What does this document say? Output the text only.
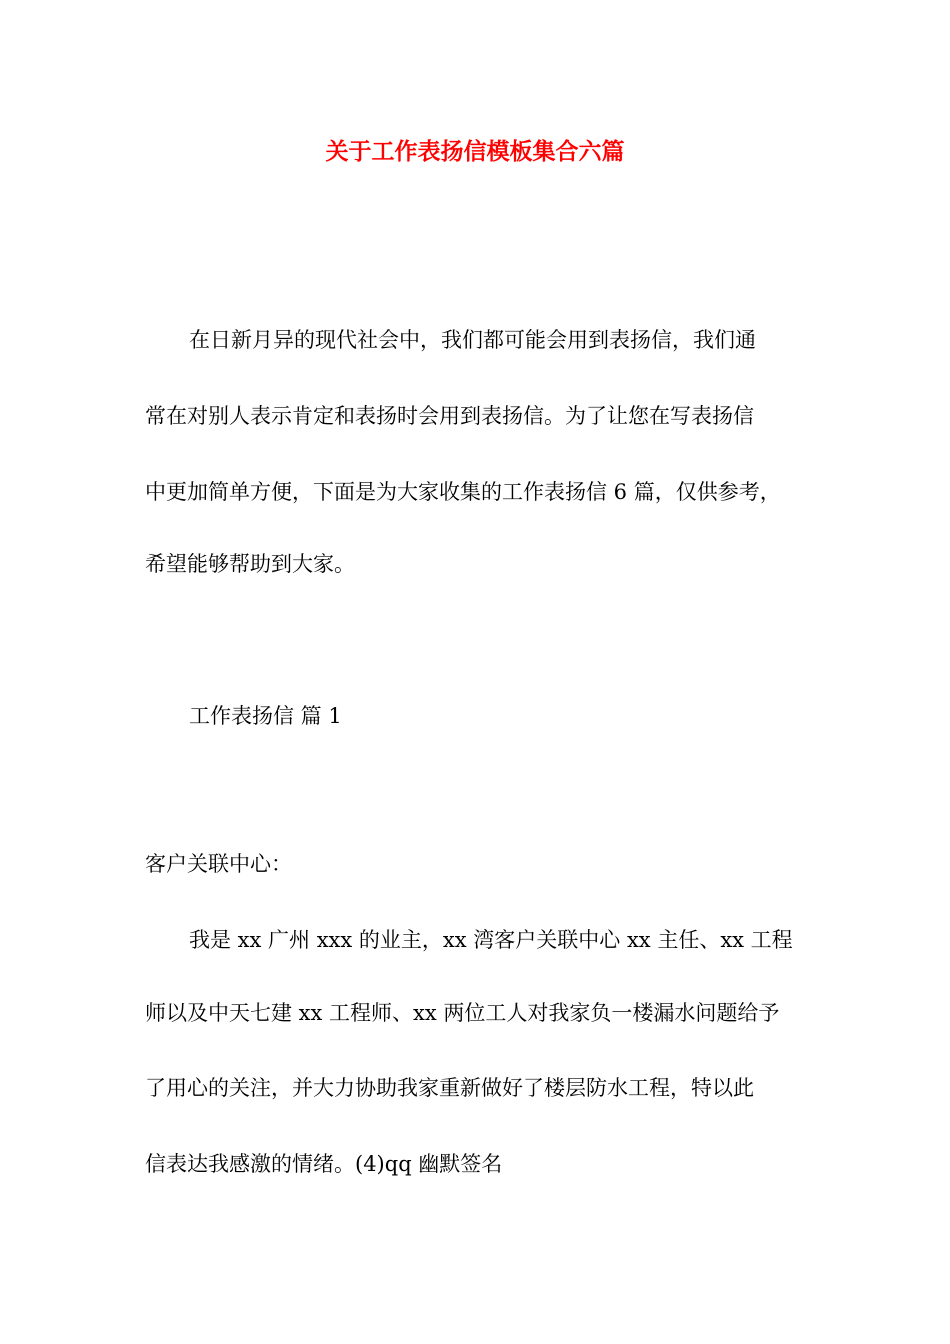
关于工作表扬信模板集合六篇
在日新月异的现代社会中，我们都可能会用到表扬信，我们通
常在对别人表示肯定和表扬时会用到表扬信。为了让您在写表扬信
中更加简单方便，下面是为大家收集的工作表扬信 6 篇，仅供参考，
希望能够帮助到大家。
工作表扬信 篇 1
客户关联中心：
我是 xx 广州 xxx 的业主，xx 湾客户关联中心 xx 主任、xx 工程
师以及中天七建 xx 工程师、xx 两位工人对我家负一楼漏水问题给予
了用心的关注，并大力协助我家重新做好了楼层防水工程，特以此
信表达我感激的情绪。(4)qq 幽默签名
